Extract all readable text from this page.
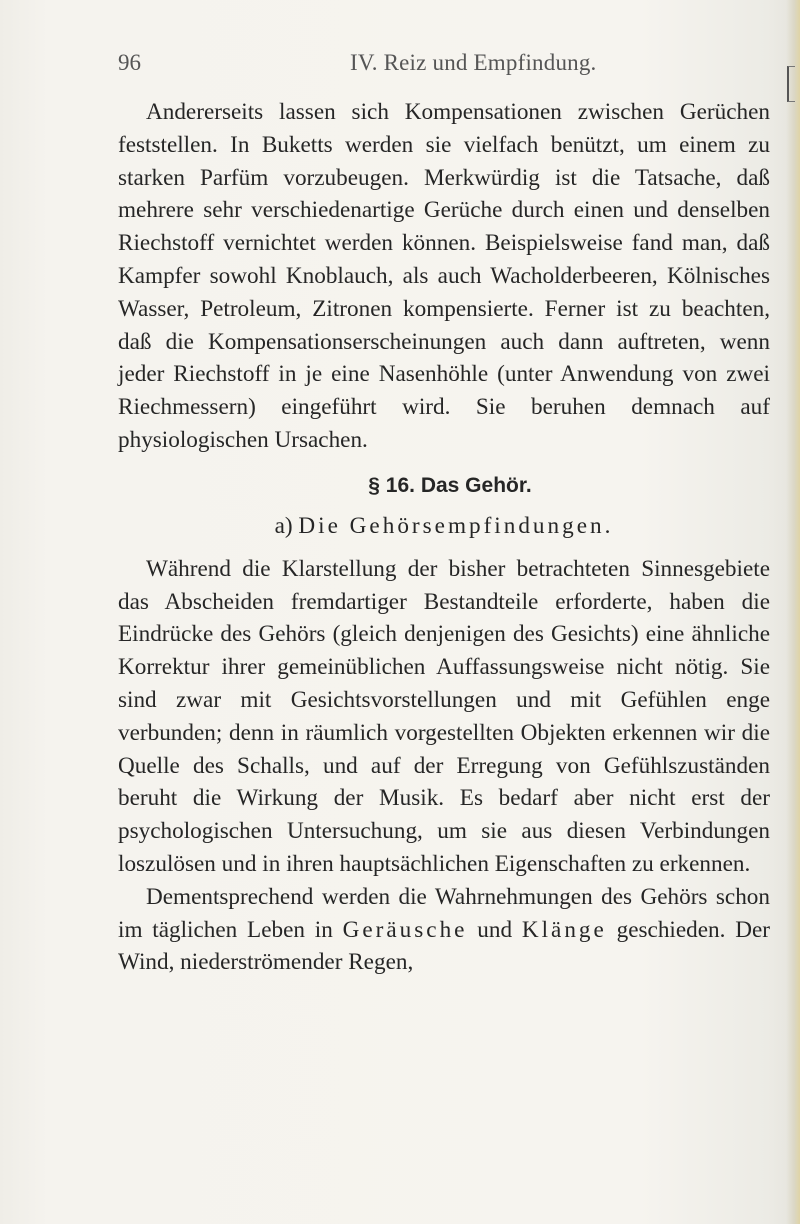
96	IV. Reiz und Empfindung.

Andererseits lassen sich Kompensationen zwischen Gerüchen feststellen. In Buketts werden sie vielfach benützt, um einem zu starken Parfüm vorzubeugen. Merkwürdig ist die Tatsache, daß mehrere sehr verschiedenartige Gerüche durch einen und denselben Riechstoff vernichtet werden können. Beispielsweise fand man, daß Kampfer sowohl Knoblauch, als auch Wacholderbeeren, Kölnisches Wasser, Petroleum, Zitronen kompensierte. Ferner ist zu beachten, daß die Kompensationserscheinungen auch dann auftreten, wenn jeder Riechstoff in je eine Nasenhöhle (unter Anwendung von zwei Riechmessern) eingeführt wird. Sie beruhen demnach auf physiologischen Ursachen.

§ 16. Das Gehör.
a) Die Gehörsempfindungen.

Während die Klarstellung der bisher betrachteten Sinnesgebiete das Abscheiden fremdartiger Bestandteile erforderte, haben die Eindrücke des Gehörs (gleich denjenigen des Gesichts) eine ähnliche Korrektur ihrer gemeinüblichen Auffassungsweise nicht nötig. Sie sind zwar mit Gesichtsvorstellungen und mit Gefühlen enge verbunden; denn in räumlich vorgestellten Objekten erkennen wir die Quelle des Schalls, und auf der Erregung von Gefühlszuständen beruht die Wirkung der Musik. Es bedarf aber nicht erst der psychologischen Untersuchung, um sie aus diesen Verbindungen loszulösen und in ihren hauptsächlichen Eigenschaften zu erkennen.

Dementsprechend werden die Wahrnehmungen des Gehörs schon im täglichen Leben in Geräusche und Klänge geschieden. Der Wind, niederströmender Regen,
